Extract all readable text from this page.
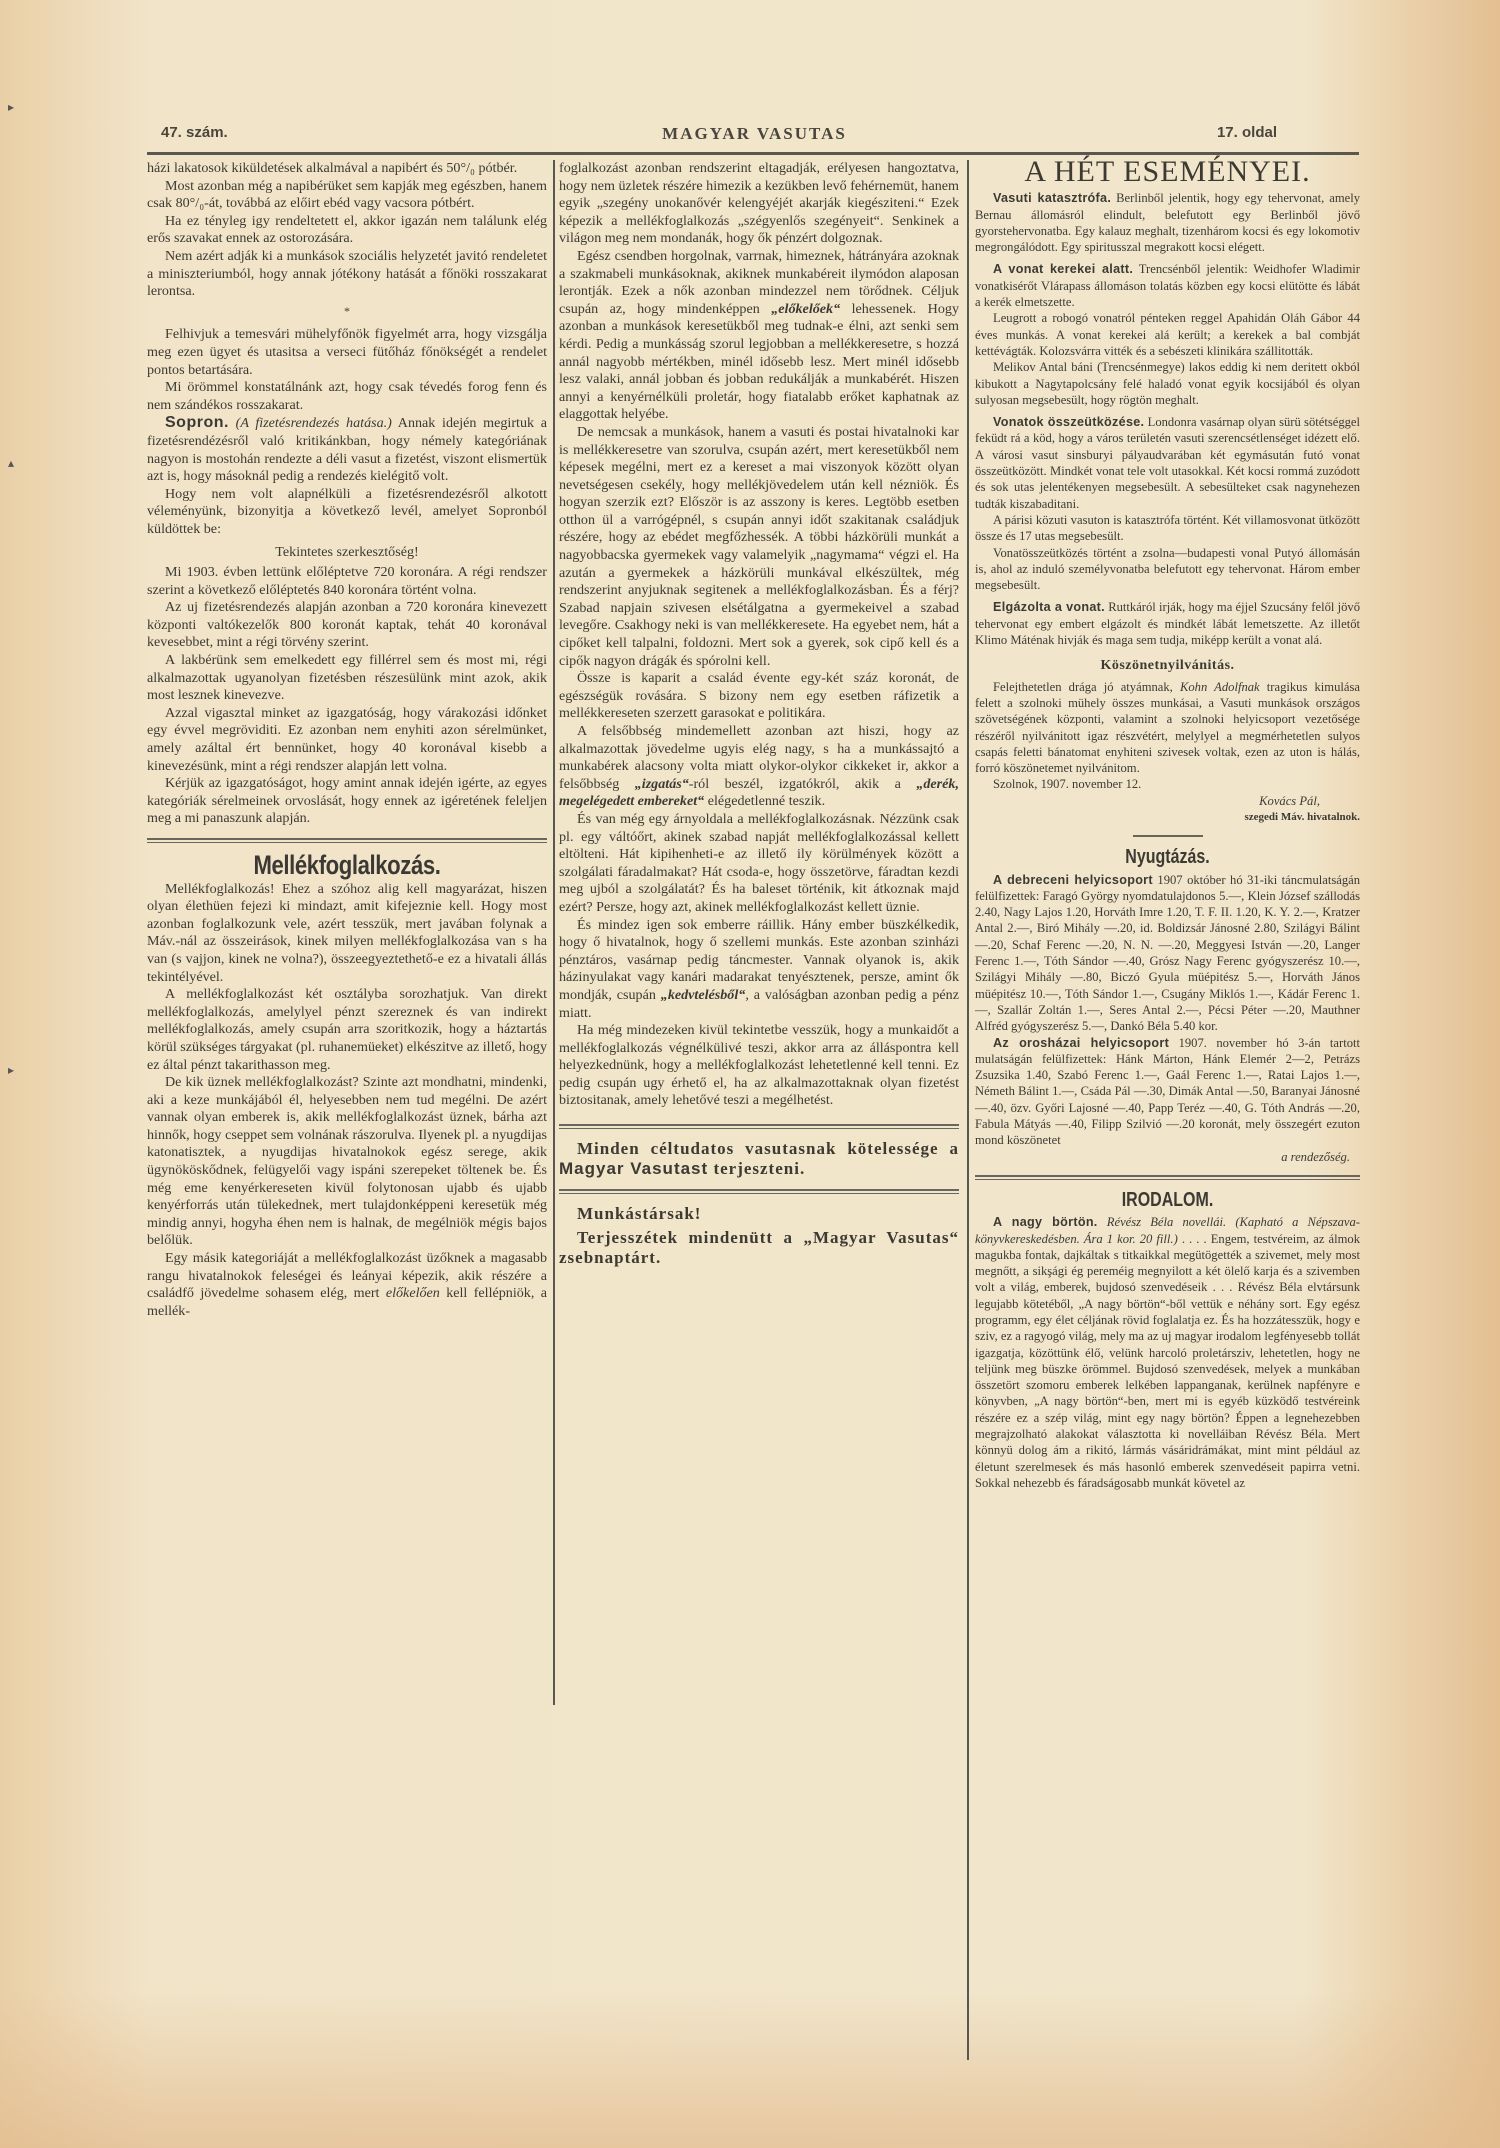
▸
▴
▸
47. szám.	MAGYAR VASUTAS	17. oldal

házi lakatosok kiküldetések alkalmával a napibért és 50°/₀ pótbér.

Most azonban még a napibérüket sem kapják meg egészben, hanem csak 80°/₀-át, továbbá az előirt ebéd vagy vacsora pótbért.

Ha ez tényleg igy rendeltetett el, akkor igazán nem találunk elég erős szavakat ennek az ostorozására.

Nem azért adják ki a munkások szociális helyzetét javitó rendeletet a miniszteriumból, hogy annak jótékony hatását a főnöki rosszakarat lerontsa.

*

Felhivjuk a temesvári mühelyfőnök figyelmét arra, hogy vizsgálja meg ezen ügyet és utasitsa a verseci fütőház főnökségét a rendelet pontos betartására.

Mi örömmel konstatálnánk azt, hogy csak tévedés forog fenn és nem szándékos rosszakarat.

Sopron. (A fizetésrendezés hatása.) Annak idején megirtuk a fizetésrendézésről való kritikánkban, hogy némely kategóriának nagyon is mostohán rendezte a déli vasut a fizetést, viszont elismertük azt is, hogy másoknál pedig a rendezés kielégitő volt.

Hogy nem volt alapnélküli a fizetésrendezésről alkotott véleményünk, bizonyitja a következő levél, amelyet Sopronból küldöttek be:

Tekintetes szerkesztőség!

Mi 1903. évben lettünk előléptetve 720 koronára. A régi rendszer szerint a következő előléptetés 840 koronára történt volna.

Az uj fizetésrendezés alapján azonban a 720 koronára kinevezett központi valtókezelők 800 koronát kaptak, tehát 40 koronával kevesebbet, mint a régi törvény szerint.

A lakbérünk sem emelkedett egy fillérrel sem és most mi, régi alkalmazottak ugyanolyan fizetésben részesülünk mint azok, akik most lesznek kinevezve.

Azzal vigasztal minket az igazgatóság, hogy várakozási időnket egy évvel megröviditi. Ez azonban nem enyhiti azon sérelmünket, amely azáltal ért bennünket, hogy 40 koronával kisebb a kinevezésünk, mint a régi rendszer alapján lett volna.

Kérjük az igazgatóságot, hogy amint annak idején igérte, az egyes kategóriák sérelmeinek orvoslását, hogy ennek az igéretének feleljen meg a mi panaszunk alapján.

Mellékfoglalkozás.

Mellékfoglalkozás! Ehez a szóhoz alig kell magyarázat, hiszen olyan élethüen fejezi ki mindazt, amit kifejeznie kell. Hogy most azonban foglalkozunk vele, azért tesszük, mert javában folynak a Máv.-nál az összeirások, kinek milyen mellékfoglalkozása van s ha van (s vajjon, kinek ne volna?), összeegyeztethető-e ez a hivatali állás tekintélyével.

A mellékfoglalkozást két osztályba sorozhatjuk. Van direkt mellékfoglalkozás, amelylyel pénzt szereznek és van indirekt mellékfoglalkozás, amely csupán arra szoritkozik, hogy a háztartás körül szükséges tárgyakat (pl. ruhanemüeket) elkészitve az illető, hogy ez által pénzt takarithasson meg.

De kik üznek mellékfoglalkozást? Szinte azt mondhatni, mindenki, aki a keze munkájából él, helyesebben nem tud megélni. De azért vannak olyan emberek is, akik mellékfoglalkozást üznek, bárha azt hinnők, hogy cseppet sem volnának rászorulva. Ilyenek pl. a nyugdijas katonatisztek, a nyugdijas hivatalnokok egész serege, akik ügynököskődnek, felügyelői vagy ispáni szerepeket töltenek be. És még eme kenyérkereseten kivül folytonosan ujabb és ujabb kenyérforrás után tülekednek, mert tulajdonképpeni keresetük még mindig annyi, hogyha éhen nem is halnak, de megélniök mégis bajos belőlük.

Egy másik kategoriáját a mellékfoglalkozást üzőknek a magasabb rangu hivatalnokok feleségei és leányai képezik, akik részére a családfő jövedelme sohasem elég, mert előkelően kell fellépniök, a mellék-

foglalkozást azonban rendszerint eltagadják, erélyesen hangoztatva, hogy nem üzletek részére himezik a kezükben levő fehérnemüt, hanem egyik „szegény unokanővér kelengyéjét akarják kiegésziteni.“ Ezek képezik a mellékfoglalkozás „szégyenlős szegényeit“. Senkinek a világon meg nem mondanák, hogy ők pénzért dolgoznak.

Egész csendben horgolnak, varrnak, himeznek, hátrányára azoknak a szakmabeli munkásoknak, akiknek munkabéreit ilymódon alaposan lerontják. Ezek a nők azonban mindezzel nem törődnek. Céljuk csupán az, hogy mindenképpen „előkelőek“ lehessenek. Hogy azonban a munkások keresetükből meg tudnak-e élni, azt senki sem kérdi. Pedig a munkásság szorul legjobban a mellékkeresetre, s hozzá annál nagyobb mértékben, minél idősebb lesz. Mert minél idősebb lesz valaki, annál jobban és jobban redukálják a munkabérét. Hiszen annyi a kenyérnélküli proletár, hogy fiatalabb erőket kaphatnak az elaggottak helyébe.

De nemcsak a munkások, hanem a vasuti és postai hivatalnoki kar is mellékkeresetre van szorulva, csupán azért, mert keresetükből nem képesek megélni, mert ez a kereset a mai viszonyok között olyan nevetségesen csekély, hogy mellékjövedelem után kell nézniök. És hogyan szerzik ezt? Először is az asszony is keres. Legtöbb esetben otthon ül a varrógépnél, s csupán annyi időt szakitanak családjuk részére, hogy az ebédet megfőzhessék. A többi házkörüli munkát a nagyobbacska gyermekek vagy valamelyik „nagymama“ végzi el. Ha azután a gyermekek a házkörüli munkával elkészültek, még rendszerint anyjuknak segitenek a mellékfoglalkozásban. És a férj? Szabad napjain szivesen elsétálgatna a gyermekeivel a szabad levegőre. Csakhogy neki is van mellékkeresete. Ha egyebet nem, hát a cipőket kell talpalni, foldozni. Mert sok a gyerek, sok cipő kell és a cipők nagyon drágák és spórolni kell.

Össze is kaparit a család évente egy-két száz koronát, de egészségük rovására. S bizony nem egy esetben ráfizetik a mellékkereseten szerzett garasokat e politikára.

A felsőbbség mindemellett azonban azt hiszi, hogy az alkalmazottak jövedelme ugyis elég nagy, s ha a munkássajtó a munkabérek alacsony volta miatt olykor-olykor cikkeket ir, akkor a felsőbbség „izgatás“-ról beszél, izgatókról, akik a „derék, megelégedett embereket“ elégedetlenné teszik.

És van még egy árnyoldala a mellékfoglalkozásnak. Nézzünk csak pl. egy váltóőrt, akinek szabad napját mellékfoglalkozással kellett eltölteni. Hát kipihenheti-e az illető ily körülmények között a szolgálati fáradalmakat? Hát csoda-e, hogy összetörve, fáradtan kezdi meg ujból a szolgálatát? És ha baleset történik, kit átkoznak majd ezért? Persze, hogy azt, akinek mellékfoglalkozást kellett üznie.

És mindez igen sok emberre ráillik. Hány ember büszkélkedik, hogy ő hivatalnok, hogy ő szellemi munkás. Este azonban szinházi pénztáros, vasárnap pedig táncmester. Vannak olyanok is, akik házinyulakat vagy kanári madarakat tenyésztenek, persze, amint ők mondják, csupán „kedvtelésből“, a valóságban azonban pedig a pénz miatt.

Ha még mindezeken kivül tekintetbe vesszük, hogy a munkaidőt a mellékfoglalkozás végnélkülivé teszi, akkor arra az álláspontra kell helyezkednünk, hogy a mellékfoglalkozást lehetetlenné kell tenni. Ez pedig csupán ugy érhető el, ha az alkalmazottaknak olyan fizetést biztositanak, amely lehetővé teszi a megélhetést.

Minden céltudatos vasutasnak kötelessége a Magyar Vasutast terjeszteni.

Munkástársak!

Terjesszétek mindenütt a „Magyar Vasutas“ zsebnaptárt.

A HÉT ESEMÉNYEI.

Vasuti katasztrófa. Berlinből jelentik, hogy egy tehervonat, amely Bernau állomásról elindult, belefutott egy Berlinből jövő gyorstehervonatba. Egy kalauz meghalt, tizenhárom kocsi és egy lokomotiv megrongálódott. Egy spiritusszal megrakott kocsi elégett.

A vonat kerekei alatt. Trencsénből jelentik: Weidhofer Wladimir vonatkisérőt Vlárapass állomáson tolatás közben egy kocsi elütötte és lábát a kerék elmetszette.

Leugrott a robogó vonatról pénteken reggel Apahidán Oláh Gábor 44 éves munkás. A vonat kerekei alá került; a kerekek a bal combját kettévágták. Kolozsvárra vitték és a sebészeti klinikára szállitották.

Melikov Antal báni (Trencsénmegye) lakos eddig ki nem deritett okból kibukott a Nagytapolcsány felé haladó vonat egyik kocsijából és olyan sulyosan megsebesült, hogy rögtön meghalt.

Vonatok összeütközése. Londonra vasárnap olyan sürü sötétséggel feküdt rá a köd, hogy a város területén vasuti szerencsétlenséget idézett elő. A városi vasut sinsburyi pályaudvarában két egymásután futó vonat összeütközött. Mindkét vonat tele volt utasokkal. Két kocsi rommá zuzódott és sok utas jelentékenyen megsebesült. A sebesülteket csak nagynehezen tudták kiszabaditani.

A párisi közuti vasuton is katasztrófa történt. Két villamosvonat ütközött össze és 17 utas megsebesült.

Vonatösszeütközés történt a zsolna—budapesti vonal Putyó állomásán is, ahol az induló személyvonatba belefutott egy tehervonat. Három ember megsebesült.

Elgázolta a vonat. Ruttkáról irják, hogy ma éjjel Szucsány felől jövő tehervonat egy embert elgázolt és mindkét lábát lemetszette. Az illetőt Klimo Máténak hivják és maga sem tudja, miképp került a vonat alá.

Köszönetnyilvánitás.

Felejthetetlen drága jó atyámnak, Kohn Adolfnak tragikus kimulása felett a szolnoki mühely összes munkásai, a Vasuti munkások országos szövetségének központi, valamint a szolnoki helyicsoport vezetősége részéről nyilvánitott igaz részvétért, melylyel a megmérhetetlen sulyos csapás feletti bánatomat enyhiteni szivesek voltak, ezen az uton is hálás, forró köszönetemet nyilvánitom.

Szolnok, 1907. november 12.

Kovács Pál,
szegedi Máv. hivatalnok.
Nyugtázás.

A debreceni helyicsoport 1907 október hó 31-iki táncmulatságán felülfizettek: Faragó György nyomdatulajdonos 5.—, Klein József szállodás 2.40, Nagy Lajos 1.20, Horváth Imre 1.20, T. F. II. 1.20, K. Y. 2.—, Kratzer Antal 2.—, Biró Mihály —.20, id. Boldizsár Jánosné 2.80, Szilágyi Bálint —.20, Schaf Ferenc —.20, N. N. —.20, Meggyesi István —.20, Langer Ferenc 1.—, Tóth Sándor —.40, Grósz Nagy Ferenc gyógyszerész 10.—, Szilágyi Mihály —.80, Biczó Gyula müépitész 5.—, Horváth János müépitész 10.—, Tóth Sándor 1.—, Csugány Miklós 1.—, Kádár Ferenc 1.—, Szallár Zoltán 1.—, Seres Antal 2.—, Pécsi Péter —.20, Mauthner Alfréd gyógyszerész 5.—, Dankó Béla 5.40 kor.

Az orosházai helyicsoport 1907. november hó 3-án tartott mulatságán felülfizettek: Hánk Márton, Hánk Elemér 2—2, Petrázs Zsuzsika 1.40, Szabó Ferenc 1.—, Gaál Ferenc 1.—, Ratai Lajos 1.—, Németh Bálint 1.—, Csáda Pál —.30, Dimák Antal —.50, Baranyai Jánosné —.40, özv. Győri Lajosné —.40, Papp Teréz —.40, G. Tóth András —.20, Fabula Mátyás —.40, Filipp Szilvió —.20 koronát, mely összegért ezuton mond köszönetet

a rendezőség.
IRODALOM.

A nagy börtön. Révész Béla novellái. (Kapható a Népszava-könyvkereskedésben. Ára 1 kor. 20 fill.) . . . . Engem, testvéreim, az álmok magukba fontak, dajkáltak s titkaikkal megütögették a szivemet, mely most megnőtt, a sikşági ég pereméig megnyilott a két ölelő karja és a szivemben volt a világ, emberek, bujdosó szenvedéseik . . . Révész Béla elvtársunk legujabb kötetéből, „A nagy börtön“-ből vettük e néhány sort. Egy egész programm, egy élet céljának rövid foglalatja ez. És ha hozzátesszük, hogy e sziv, ez a ragyogó világ, mely ma az uj magyar irodalom legfényesebb tollát igazgatja, közöttünk élő, velünk harcoló proletársziv, lehetetlen, hogy ne teljünk meg büszke örömmel. Bujdosó szenvedések, melyek a munkában összetört szomoru emberek lelkében lappanganak, kerülnek napfényre e könyvben, „A nagy börtön“-ben, mert mi is egyéb küzködő testvéreink részére ez a szép világ, mint egy nagy börtön? Éppen a legnehezebben megrajzolható alakokat választotta ki novelláiban Révész Béla. Mert könnyü dolog ám a rikitó, lármás vásáridrámákat, mint mint például az életunt szerelmesek és más hasonló emberek szenvedéseit papirra vetni. Sokkal nehezebb és fáradságosabb munkát követel az
